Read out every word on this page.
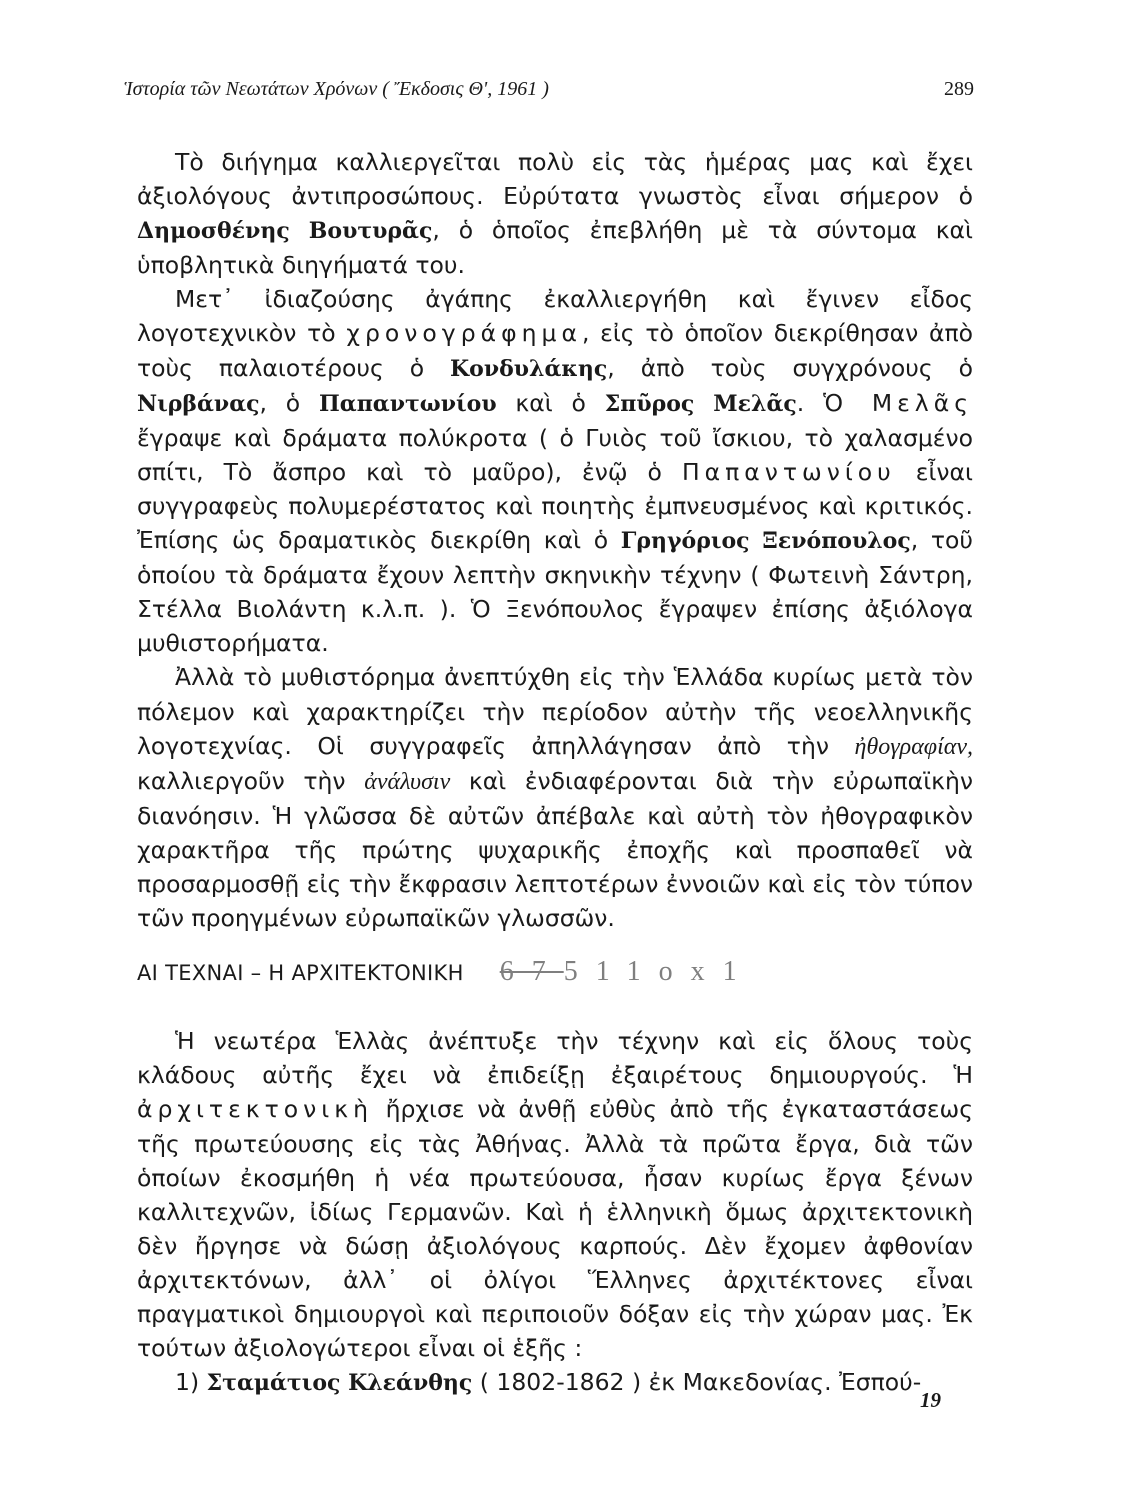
Ἱστορία τῶν Νεωτάτων Χρόνων ( Ἔκδοσις Θ', 1961 )	289

Τὸ διήγημα καλλιεργεῖται πολὺ εἰς τὰς ἡμέρας μας καὶ ἔχει ἀξιολόγους ἀντιπροσώπους. Εὐρύτατα γνωστὸς εἶναι σήμερον ὁ Δημοσθένης Βουτυρᾶς, ὁ ὁποῖος ἐπεβλήθη μὲ τὰ σύντομα καὶ ὑποβλητικὰ διηγήματά του.

Μετ᾽ ἰδιαζούσης ἀγάπης ἐκαλλιεργήθη καὶ ἔγινεν εἶδος λογοτεχνικὸν τὸ χρονογράφημα, εἰς τὸ ὁποῖον διεκρίθησαν ἀπὸ τοὺς παλαιοτέρους ὁ Κονδυλάκης, ἀπὸ τοὺς συγχρόνους ὁ Νιρβάνας, ὁ Παπαντωνίου καὶ ὁ Σπῦρος Μελᾶς. Ὁ Μελᾶς ἔγραψε καὶ δράματα πολύκροτα ( ὁ Γυιὸς τοῦ ἴσκιου, τὸ χαλασμένο σπίτι, Τὸ ἄσπρο καὶ τὸ μαῦρο), ἐνῷ ὁ Παπαντωνίου εἶναι συγγραφεὺς πολυμερέστατος καὶ ποιητὴς ἐμπνευσμένος καὶ κριτικός. Ἐπίσης ὡς δραματικὸς διεκρίθη καὶ ὁ Γρηγόριος Ξενόπουλος, τοῦ ὁποίου τὰ δράματα ἔχουν λεπτὴν σκηνικὴν τέχνην ( Φωτεινὴ Σάντρη, Στέλλα Βιολάντη κ.λ.π. ). Ὁ Ξενόπουλος ἔγραψεν ἐπίσης ἀξιόλογα μυθιστορήματα.

Ἀλλὰ τὸ μυθιστόρημα ἀνεπτύχθη εἰς τὴν Ἑλλάδα κυρίως μετὰ τὸν πόλεμον καὶ χαρακτηρίζει τὴν περίοδον αὐτὴν τῆς νεοελληνικῆς λογοτεχνίας. Οἱ συγγραφεῖς ἀπηλλάγησαν ἀπὸ τὴν ἠθογραφίαν, καλλιεργοῦν τὴν ἀνάλυσιν καὶ ἐνδιαφέρονται διὰ τὴν εὐρωπαϊκὴν διανόησιν. Ἡ γλῶσσα δὲ αὐτῶν ἀπέβαλε καὶ αὐτὴ τὸν ἠθογραφικὸν χαρακτῆρα τῆς πρώτης ψυχαρικῆς ἐποχῆς καὶ προσπαθεῖ νὰ προσαρμοσθῇ εἰς τὴν ἔκφρασιν λεπτοτέρων ἐννοιῶν καὶ εἰς τὸν τύπον τῶν προηγμένων εὐρωπαϊκῶν γλωσσῶν.

ΑΙ ΤΕΧΝΑΙ – Η ΑΡΧΙΤΕΚΤΟΝΙΚΗ 67511ox1

Ἡ νεωτέρα Ἑλλὰς ἀνέπτυξε τὴν τέχνην καὶ εἰς ὅλους τοὺς κλάδους αὐτῆς ἔχει νὰ ἐπιδείξῃ ἐξαιρέτους δημιουργούς. Ἡ ἀρχιτεκτονικὴ ἤρχισε νὰ ἀνθῇ εὐθὺς ἀπὸ τῆς ἐγκαταστάσεως τῆς πρωτεύουσης εἰς τὰς Ἀθήνας. Ἀλλὰ τὰ πρῶτα ἔργα, διὰ τῶν ὁποίων ἐκοσμήθη ἡ νέα πρωτεύουσα, ἦσαν κυρίως ἔργα ξένων καλλιτεχνῶν, ἰδίως Γερμανῶν. Καὶ ἡ ἑλληνικὴ ὅμως ἀρχιτεκτονικὴ δὲν ἤργησε νὰ δώσῃ ἀξιολόγους καρπούς. Δὲν ἔχομεν ἀφθονίαν ἀρχιτεκτόνων, ἀλλ᾽ οἱ ὀλίγοι Ἕλληνες ἀρχιτέκτονες εἶναι πραγματικοὶ δημιουργοὶ καὶ περιποιοῦν δόξαν εἰς τὴν χώραν μας. Ἐκ τούτων ἀξιολογώτεροι εἶναι οἱ ἑξῆς :

1) Σταμάτιος Κλεάνθης ( 1802-1862 ) ἐκ Μακεδονίας. Ἐσπού-

19
